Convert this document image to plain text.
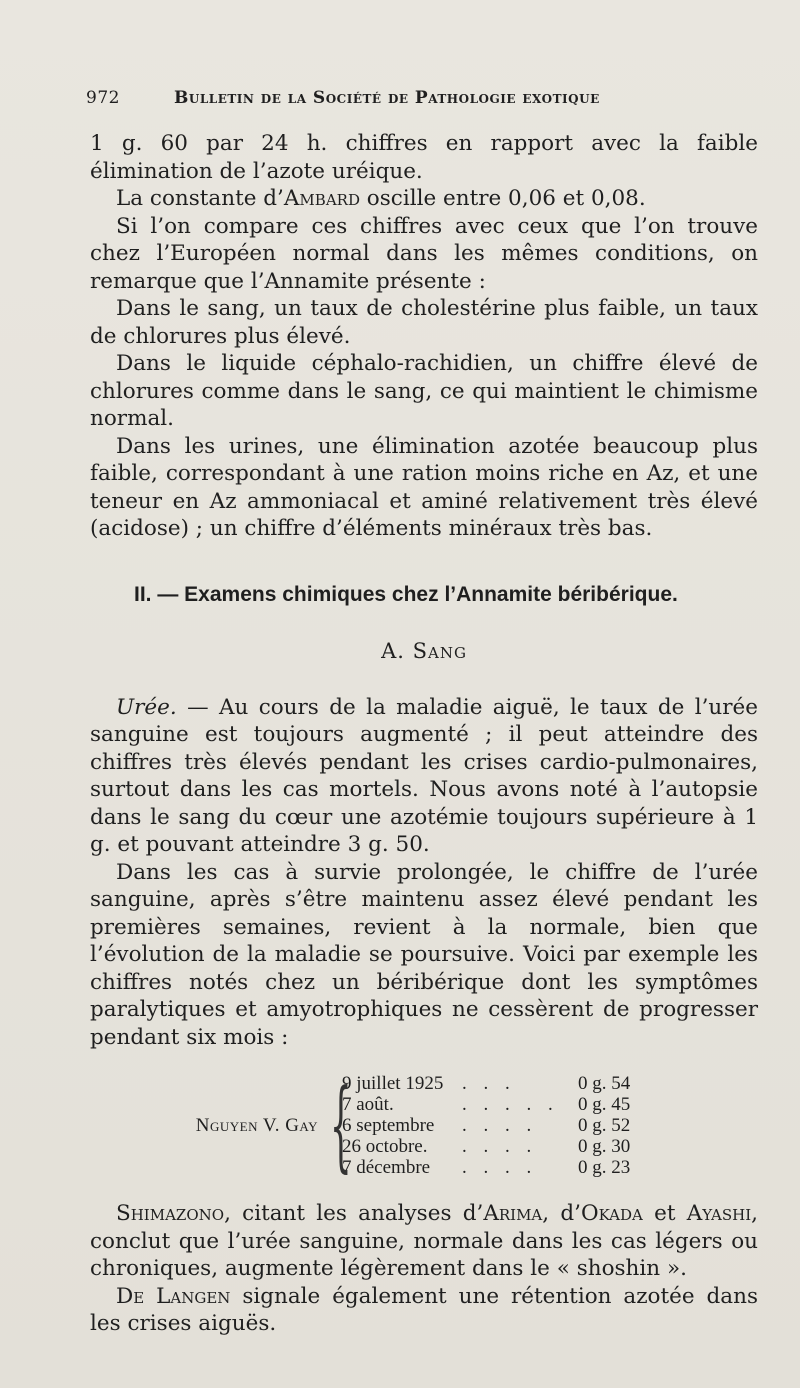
972	Bulletin de la Société de Pathologie exotique

1 g. 60 par 24 h. chiffres en rapport avec la faible élimination de l’azote uréique.

La constante d’Ambard oscille entre 0,06 et 0,08.

Si l’on compare ces chiffres avec ceux que l’on trouve chez l’Européen normal dans les mêmes conditions, on remarque que l’Annamite présente :

Dans le sang, un taux de cholestérine plus faible, un taux de chlorures plus élevé.

Dans le liquide céphalo-rachidien, un chiffre élevé de chlorures comme dans le sang, ce qui maintient le chimisme normal.

Dans les urines, une élimination azotée beaucoup plus faible, correspondant à une ration moins riche en Az, et une teneur en Az ammoniacal et aminé relativement très élevé (acidose) ; un chiffre d’éléments minéraux très bas.

II. — Examens chimiques chez l’Annamite béribérique.
A. Sang

Urée. — Au cours de la maladie aiguë, le taux de l’urée sanguine est toujours augmenté ; il peut atteindre des chiffres très élevés pendant les crises cardio-pulmonaires, surtout dans les cas mortels. Nous avons noté à l’autopsie dans le sang du cœur une azotémie toujours supérieure à 1 g. et pouvant atteindre 3 g. 50.

Dans les cas à survie prolongée, le chiffre de l’urée sanguine, après s’être maintenu assez élevé pendant les premières semaines, revient à la normale, bien que l’évolution de la maladie se poursuive. Voici par exemple les chiffres notés chez un béribérique dont les symptômes paralytiques et amyotrophiques ne cessèrent de progresser pendant six mois :

Nguyen V. Gay {
9 juillet 1925 . . .	0 g. 54
7 août.	. . . . .	0 g. 45
6 septembre	. . . .	0 g. 52
26 octobre.	. . . .	0 g. 30
7 décembre	. . . .	0 g. 23

Shimazono, citant les analyses d’Arima, d’Okada et Ayashi, conclut que l’urée sanguine, normale dans les cas légers ou chroniques, augmente légèrement dans le « shoshin ».

De Langen signale également une rétention azotée dans les crises aiguës.
